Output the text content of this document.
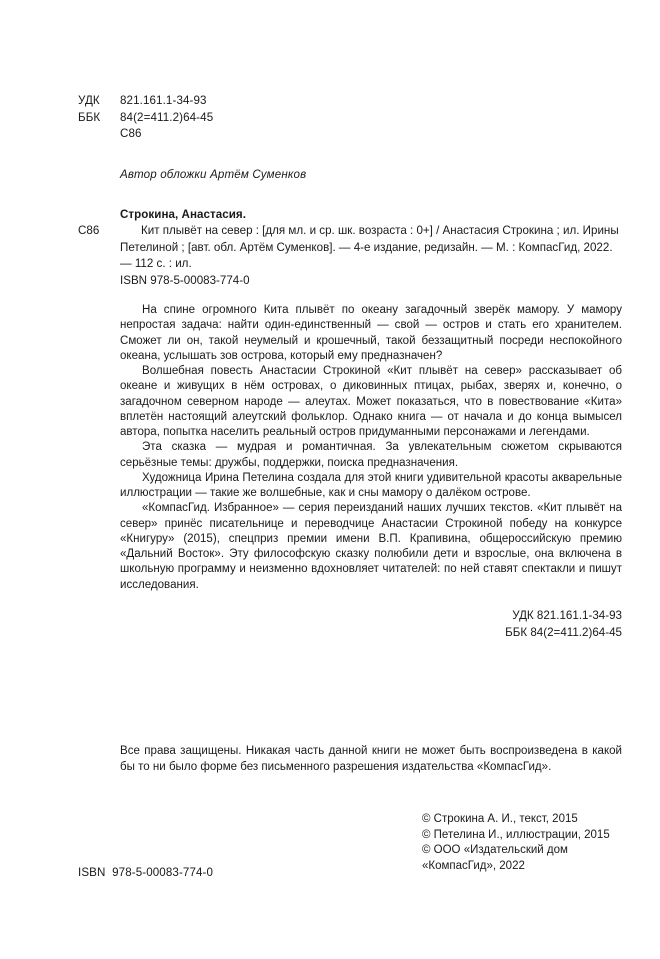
УДК 821.161.1-34-93
ББК 84(2=411.2)64-45
С86
Автор обложки Артём Суменков
Строкина, Анастасия.
С86	Кит плывёт на север : [для мл. и ср. шк. возраста : 0+] / Анастасия Строкина ; ил. Ирины Петелиной ; [авт. обл. Артём Суменков]. — 4-е издание, редизайн. — М. : КомпасГид, 2022. — 112 с. : ил.
ISBN 978-5-00083-774-0

На спине огромного Кита плывёт по океану загадочный зверёк мамору. У мамору непростая задача: найти один-единственный — свой — остров и стать его хранителем. Сможет ли он, такой неумелый и крошечный, такой беззащитный посреди неспокойного океана, услышать зов острова, который ему предназначен?

Волшебная повесть Анастасии Строкиной «Кит плывёт на север» рассказывает об океане и живущих в нём островах, о диковинных птицах, рыбах, зверях и, конечно, о загадочном северном народе — алеутах. Может показаться, что в повествование «Кита» вплетён настоящий алеутский фольклор. Однако книга — от начала и до конца вымысел автора, попытка населить реальный остров придуманными персонажами и легендами.

Эта сказка — мудрая и романтичная. За увлекательным сюжетом скрываются серьёзные темы: дружбы, поддержки, поиска предназначения.

Художница Ирина Петелина создала для этой книги удивительной красоты акварельные иллюстрации — такие же волшебные, как и сны мамору о далёком острове.

«КомпасГид. Избранное» — серия переизданий наших лучших текстов. «Кит плывёт на север» принёс писательнице и переводчице Анастасии Строкиной победу на конкурсе «Книгуру» (2015), спецприз премии имени В.П. Крапивина, общероссийскую премию «Дальний Восток». Эту философскую сказку полюбили дети и взрослые, она включена в школьную программу и неизменно вдохновляет читателей: по ней ставят спектакли и пишут исследования.

УДК 821.161.1-34-93
ББК 84(2=411.2)64-45

Все права защищены. Никакая часть данной книги не может быть воспроизведена в какой бы то ни было форме без письменного разрешения издательства «КомпасГид».

© Строкина А. И., текст, 2015
© Петелина И., иллюстрации, 2015
© ООО «Издательский дом
«КомпасГид», 2022
ISBN  978-5-00083-774-0
